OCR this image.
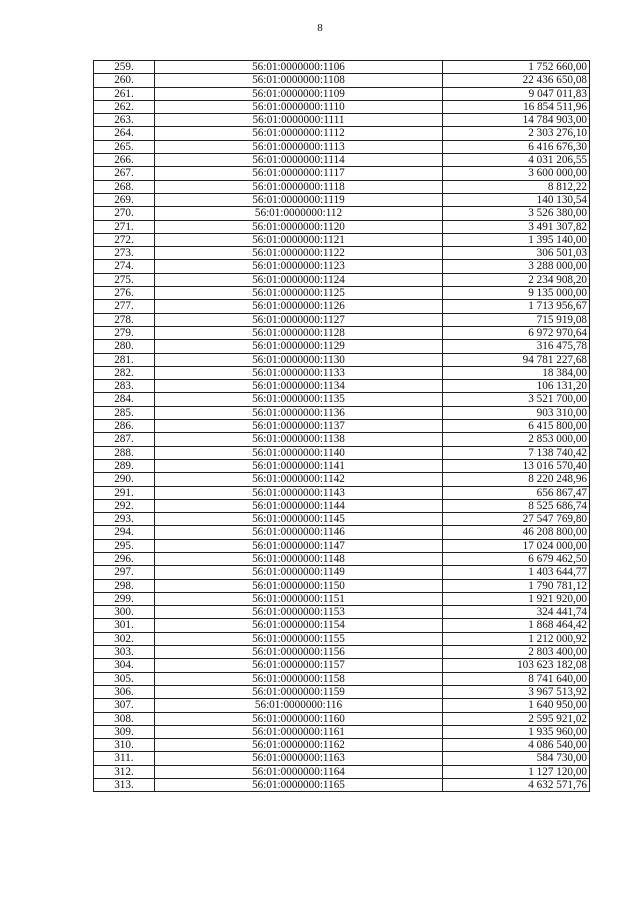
8
259.	56:01:0000000:1106	1 752 660,00
260.	56:01:0000000:1108	22 436 650,08
261.	56:01:0000000:1109	9 047 011,83
262.	56:01:0000000:1110	16 854 511,96
263.	56:01:0000000:1111	14 784 903,00
264.	56:01:0000000:1112	2 303 276,10
265.	56:01:0000000:1113	6 416 676,30
266.	56:01:0000000:1114	4 031 206,55
267.	56:01:0000000:1117	3 600 000,00
268.	56:01:0000000:1118	8 812,22
269.	56:01:0000000:1119	140 130,54
270.	56:01:0000000:112	3 526 380,00
271.	56:01:0000000:1120	3 491 307,82
272.	56:01:0000000:1121	1 395 140,00
273.	56:01:0000000:1122	306 501,03
274.	56:01:0000000:1123	3 288 000,00
275.	56:01:0000000:1124	2 234 908,20
276.	56:01:0000000:1125	9 135 000,00
277.	56:01:0000000:1126	1 713 956,67
278.	56:01:0000000:1127	715 919,08
279.	56:01:0000000:1128	6 972 970,64
280.	56:01:0000000:1129	316 475,78
281.	56:01:0000000:1130	94 781 227,68
282.	56:01:0000000:1133	18 384,00
283.	56:01:0000000:1134	106 131,20
284.	56:01:0000000:1135	3 521 700,00
285.	56:01:0000000:1136	903 310,00
286.	56:01:0000000:1137	6 415 800,00
287.	56:01:0000000:1138	2 853 000,00
288.	56:01:0000000:1140	7 138 740,42
289.	56:01:0000000:1141	13 016 570,40
290.	56:01:0000000:1142	8 220 248,96
291.	56:01:0000000:1143	656 867,47
292.	56:01:0000000:1144	8 525 686,74
293.	56:01:0000000:1145	27 547 769,80
294.	56:01:0000000:1146	46 208 800,00
295.	56:01:0000000:1147	17 024 000,00
296.	56:01:0000000:1148	6 679 462,50
297.	56:01:0000000:1149	1 403 644,77
298.	56:01:0000000:1150	1 790 781,12
299.	56:01:0000000:1151	1 921 920,00
300.	56:01:0000000:1153	324 441,74
301.	56:01:0000000:1154	1 868 464,42
302.	56:01:0000000:1155	1 212 000,92
303.	56:01:0000000:1156	2 803 400,00
304.	56:01:0000000:1157	103 623 182,08
305.	56:01:0000000:1158	8 741 640,00
306.	56:01:0000000:1159	3 967 513,92
307.	56:01:0000000:116	1 640 950,00
308.	56:01:0000000:1160	2 595 921,02
309.	56:01:0000000:1161	1 935 960,00
310.	56:01:0000000:1162	4 086 540,00
311.	56:01:0000000:1163	584 730,00
312.	56:01:0000000:1164	1 127 120,00
313.	56:01:0000000:1165	4 632 571,76
